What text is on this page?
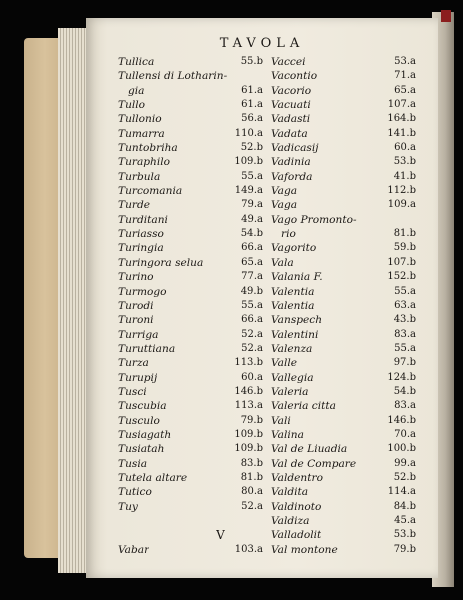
TAVOLA
Tullica	55.b
Tullensi di Lotharin-
gia	61.a
Tullo	61.a
Tullonio	56.a
Tumarra	110.a
Tuntobriha	52.b
Turaphilo	109.b
Turbula	55.a
Turcomania	149.a
Turde	79.a
Turditani	49.a
Turiasso	54.b
Turingia	66.a
Turingora selua	65.a
Turino	77.a
Turmogo	49.b
Turodi	55.a
Turoni	66.a
Turriga	52.a
Turuttiana	52.a
Turza	113.b
Turupij	60.a
Tusci	146.b
Tuscubia	113.a
Tusculo	79.b
Tusiagath	109.b
Tusiatah	109.b
Tusia	83.b
Tutela altare	81.b
Tutico	80.a
Tuy	52.a
V
Vabar	103.a
Vaccei	53.a
Vacontio	71.a
Vacorio	65.a
Vacuati	107.a
Vadasti	164.b
Vadata	141.b
Vadicasij	60.a
Vadinia	53.b
Vaforda	41.b
Vaga	112.b
Vaga	109.a
Vago Promonto-
rio	81.b
Vagorito	59.b
Vala	107.b
Valania F.	152.b
Valentia	55.a
Valentia	63.a
Vanspech	43.b
Valentini	83.a
Valenza	55.a
Valle	97.b
Vallegia	124.b
Valeria	54.b
Valeria citta	83.a
Vali	146.b
Valina	70.a
Val de Liuadia	100.b
Val de Compare	99.a
Valdentro	52.b
Valdita	114.a
Valdinoto	84.b
Valdiza	45.a
Valladolit	53.b
Val montone	79.b
